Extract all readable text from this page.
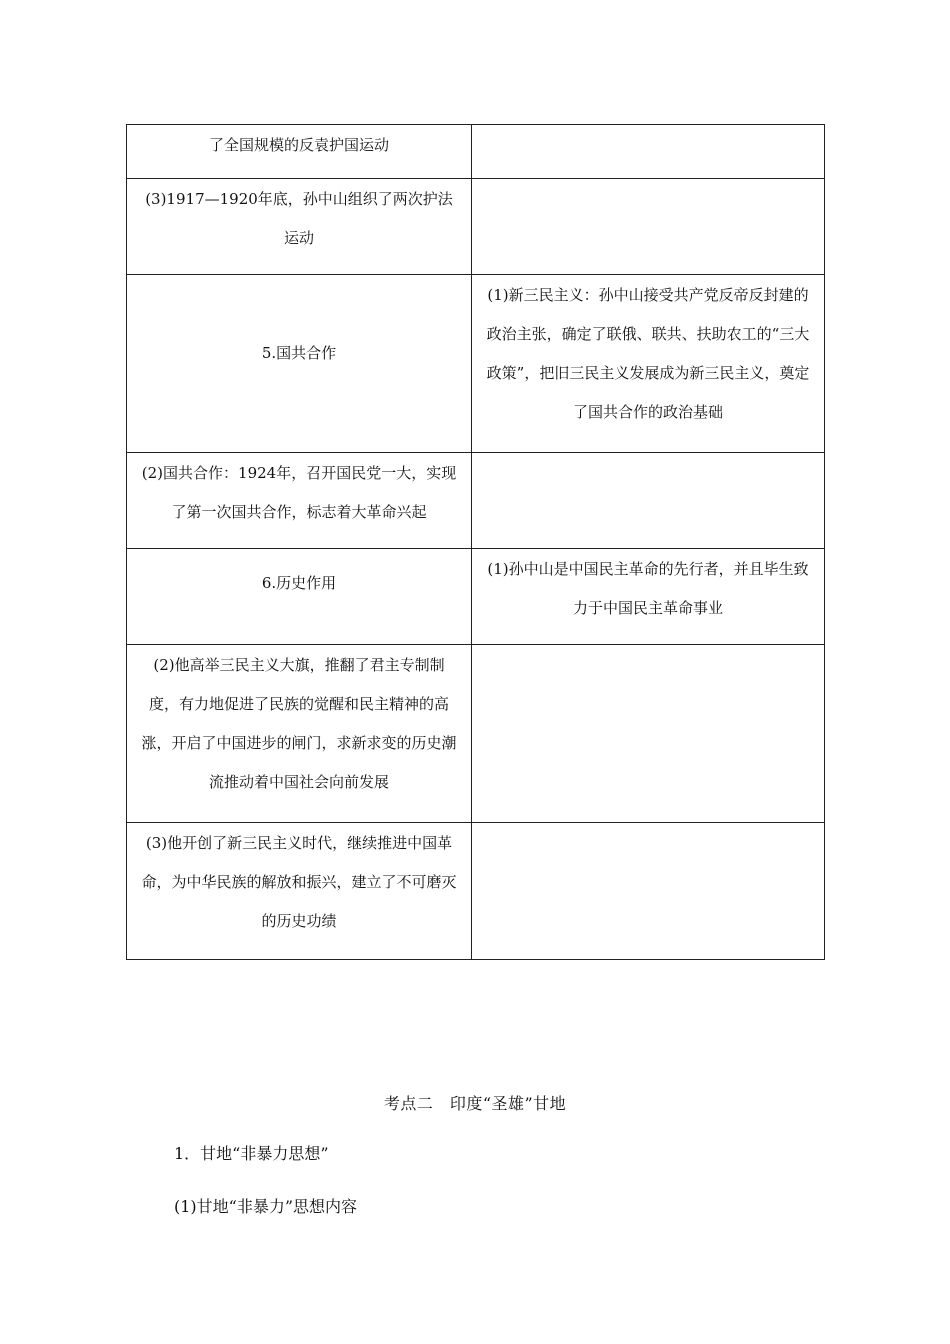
了全国规模的反袁护国运动	

(3)1917—1920年底，孙中山组织了两次护法运动	

5.国共合作	(1)新三民主义：孙中山接受共产党反帝反封建的政治主张，确定了联俄、联共、扶助农工的“三大政策”，把旧三民主义发展成为新三民主义，奠定了国共合作的政治基础

(2)国共合作：1924年，召开国民党一大，实现了第一次国共合作，标志着大革命兴起	

6.历史作用	(1)孙中山是中国民主革命的先行者，并且毕生致力于中国民主革命事业

(2)他高举三民主义大旗，推翻了君主专制制度，有力地促进了民族的觉醒和民主精神的高涨，开启了中国进步的闸门，求新求变的历史潮流推动着中国社会向前发展	

(3)他开创了新三民主义时代，继续推进中国革命，为中华民族的解放和振兴，建立了不可磨灭的历史功绩	

考点二　印度“圣雄”甘地
1．甘地“非暴力思想”
(1)甘地“非暴力”思想内容
